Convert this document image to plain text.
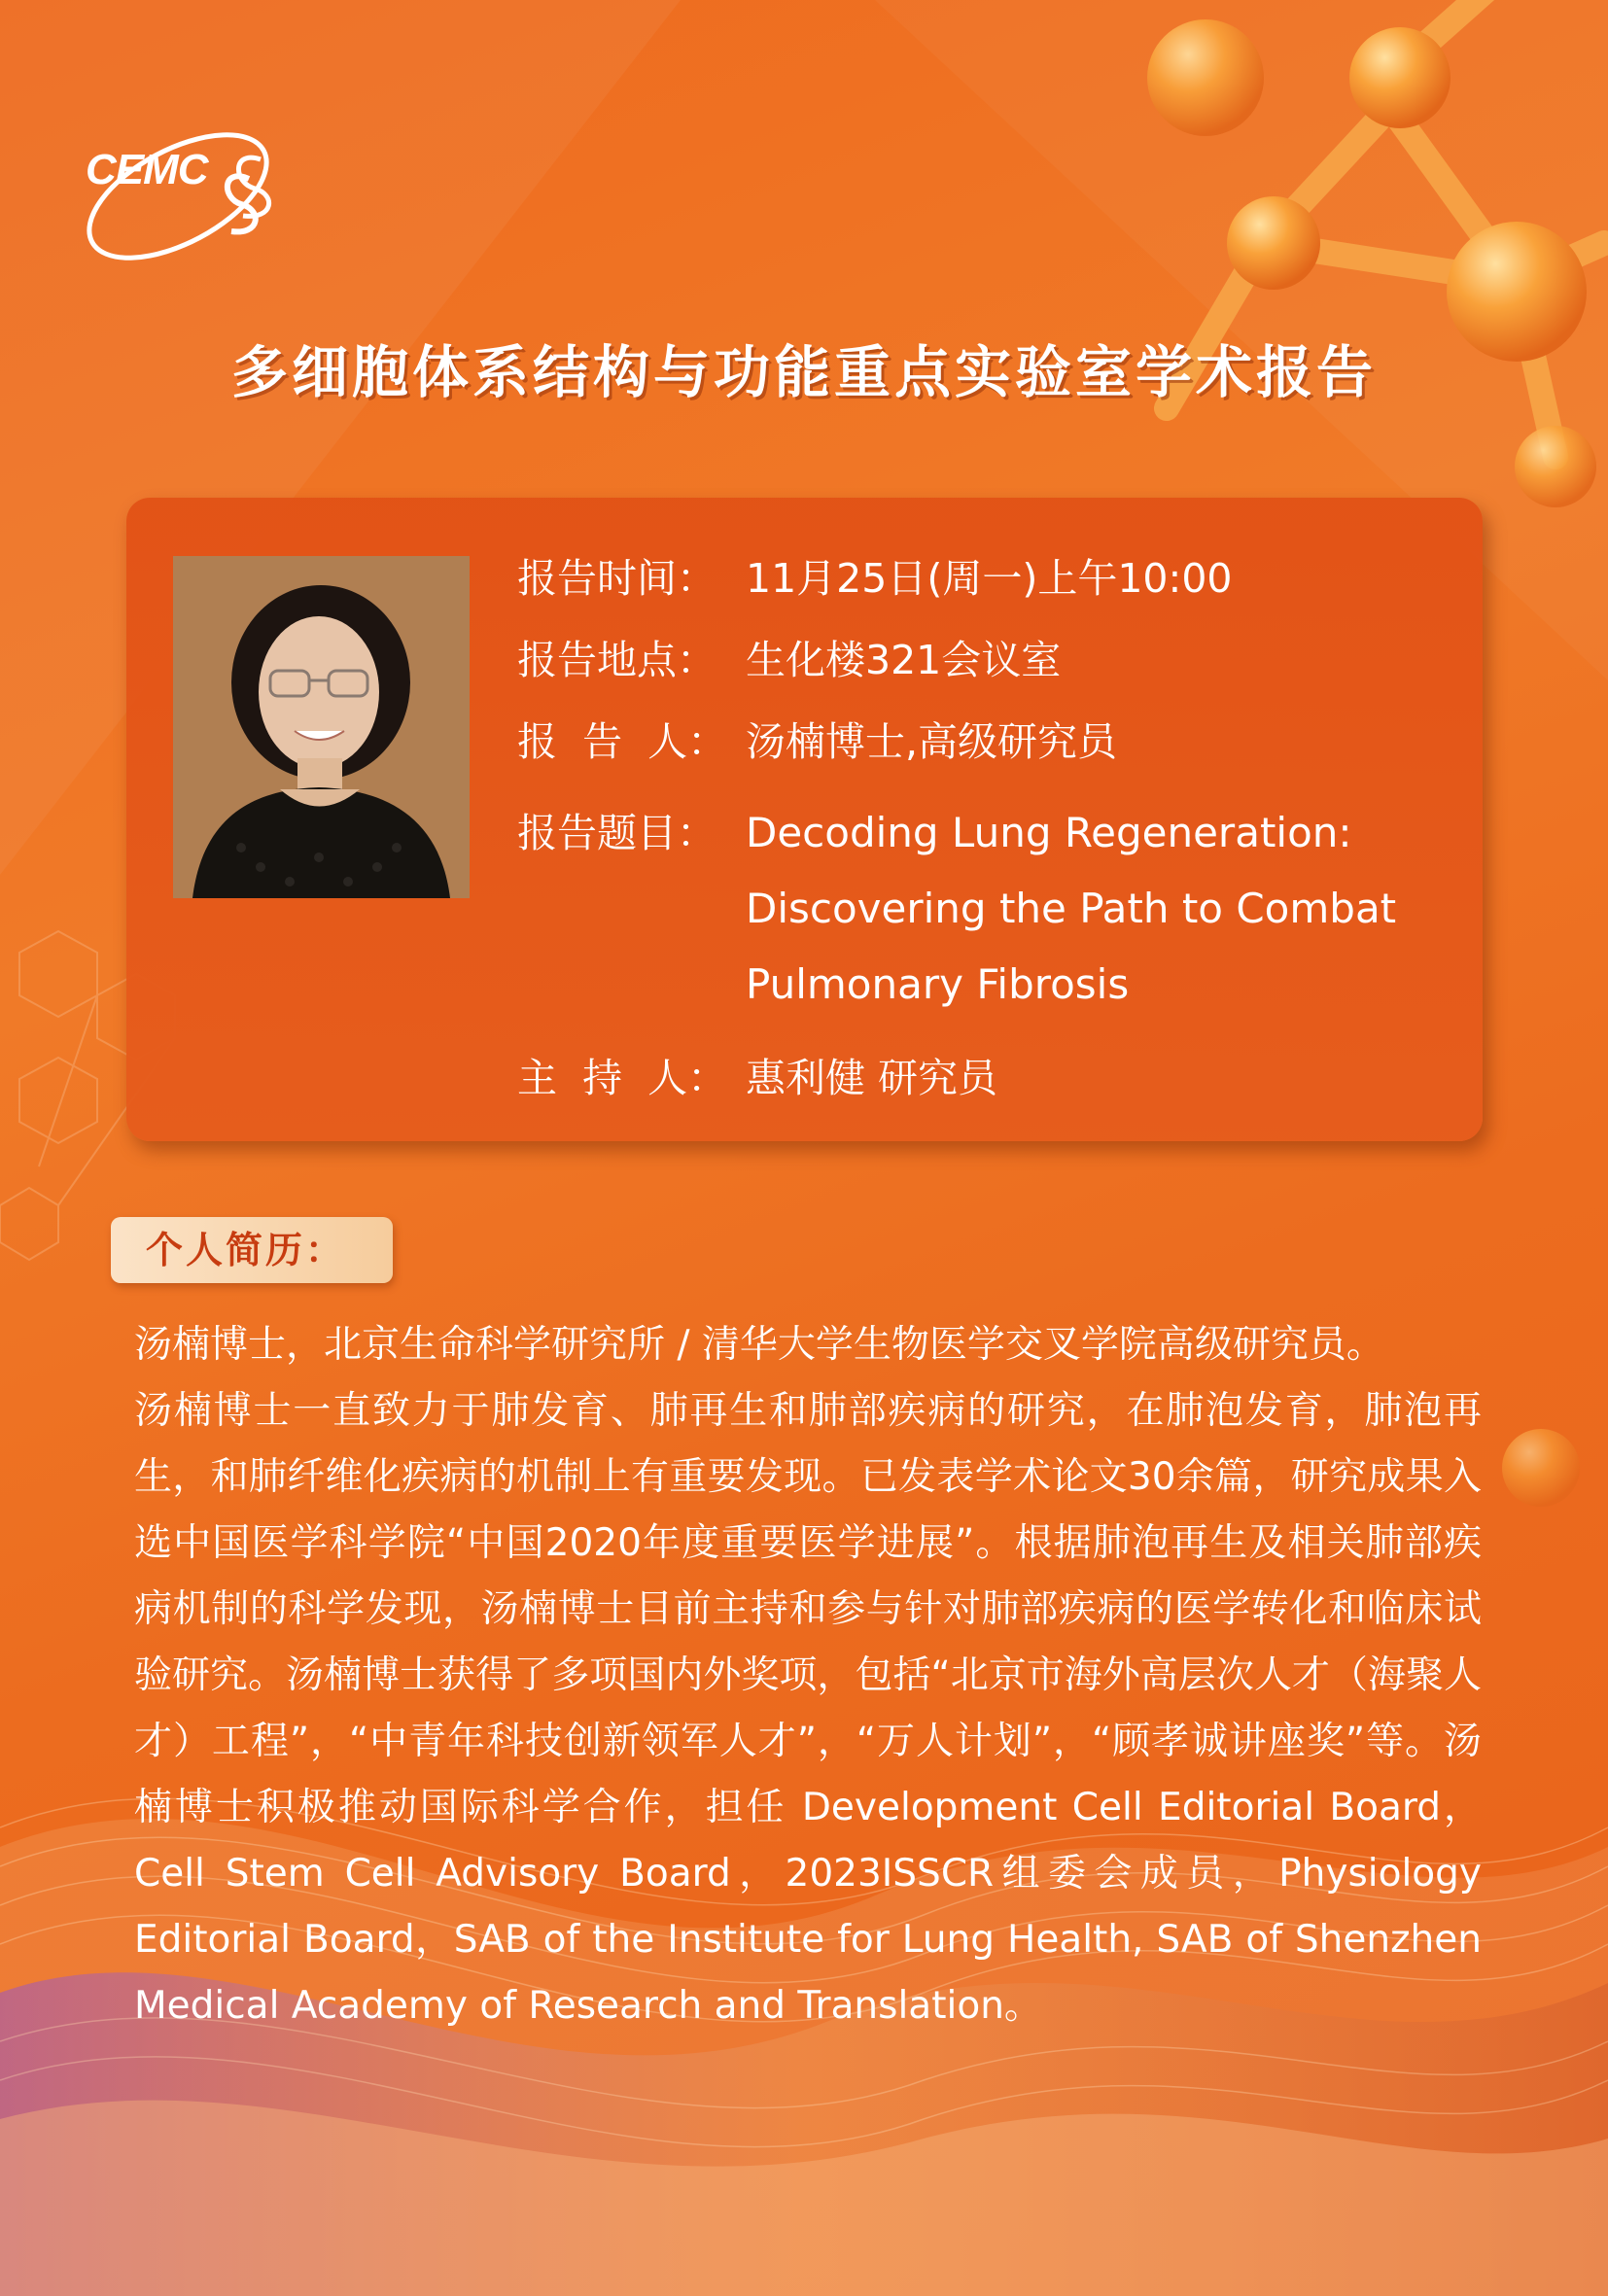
CEMC
多细胞体系结构与功能重点实验室学术报告
报告时间： 11月25日(周一)上午10:00
报告地点： 生化楼321会议室
报  告  人： 汤楠博士,高级研究员
报告题目： Decoding Lung Regeneration:
Discovering the Path to Combat
Pulmonary Fibrosis
主  持  人： 惠利健 研究员
个人简历：

汤楠博士，北京生命科学研究所 / 清华大学生物医学交叉学院高级研究员。

汤楠博士一直致力于肺发育、肺再生和肺部疾病的研究，在肺泡发育，肺泡再生，和肺纤维化疾病的机制上有重要发现。已发表学术论文30余篇，研究成果入选中国医学科学院“中国2020年度重要医学进展”。根据肺泡再生及相关肺部疾病机制的科学发现，汤楠博士目前主持和参与针对肺部疾病的医学转化和临床试验研究。汤楠博士获得了多项国内外奖项，包括“北京市海外高层次人才（海聚人才）工程”，“中青年科技创新领军人才”，“万人计划”，“顾孝诚讲座奖”等。汤楠博士积极推动国际科学合作，担任 Development Cell Editorial Board，Cell Stem Cell Advisory Board，2023ISSCR组委会成员，Physiology Editorial Board，SAB of the Institute for Lung Health, SAB of Shenzhen Medical Academy of Research and Translation。
